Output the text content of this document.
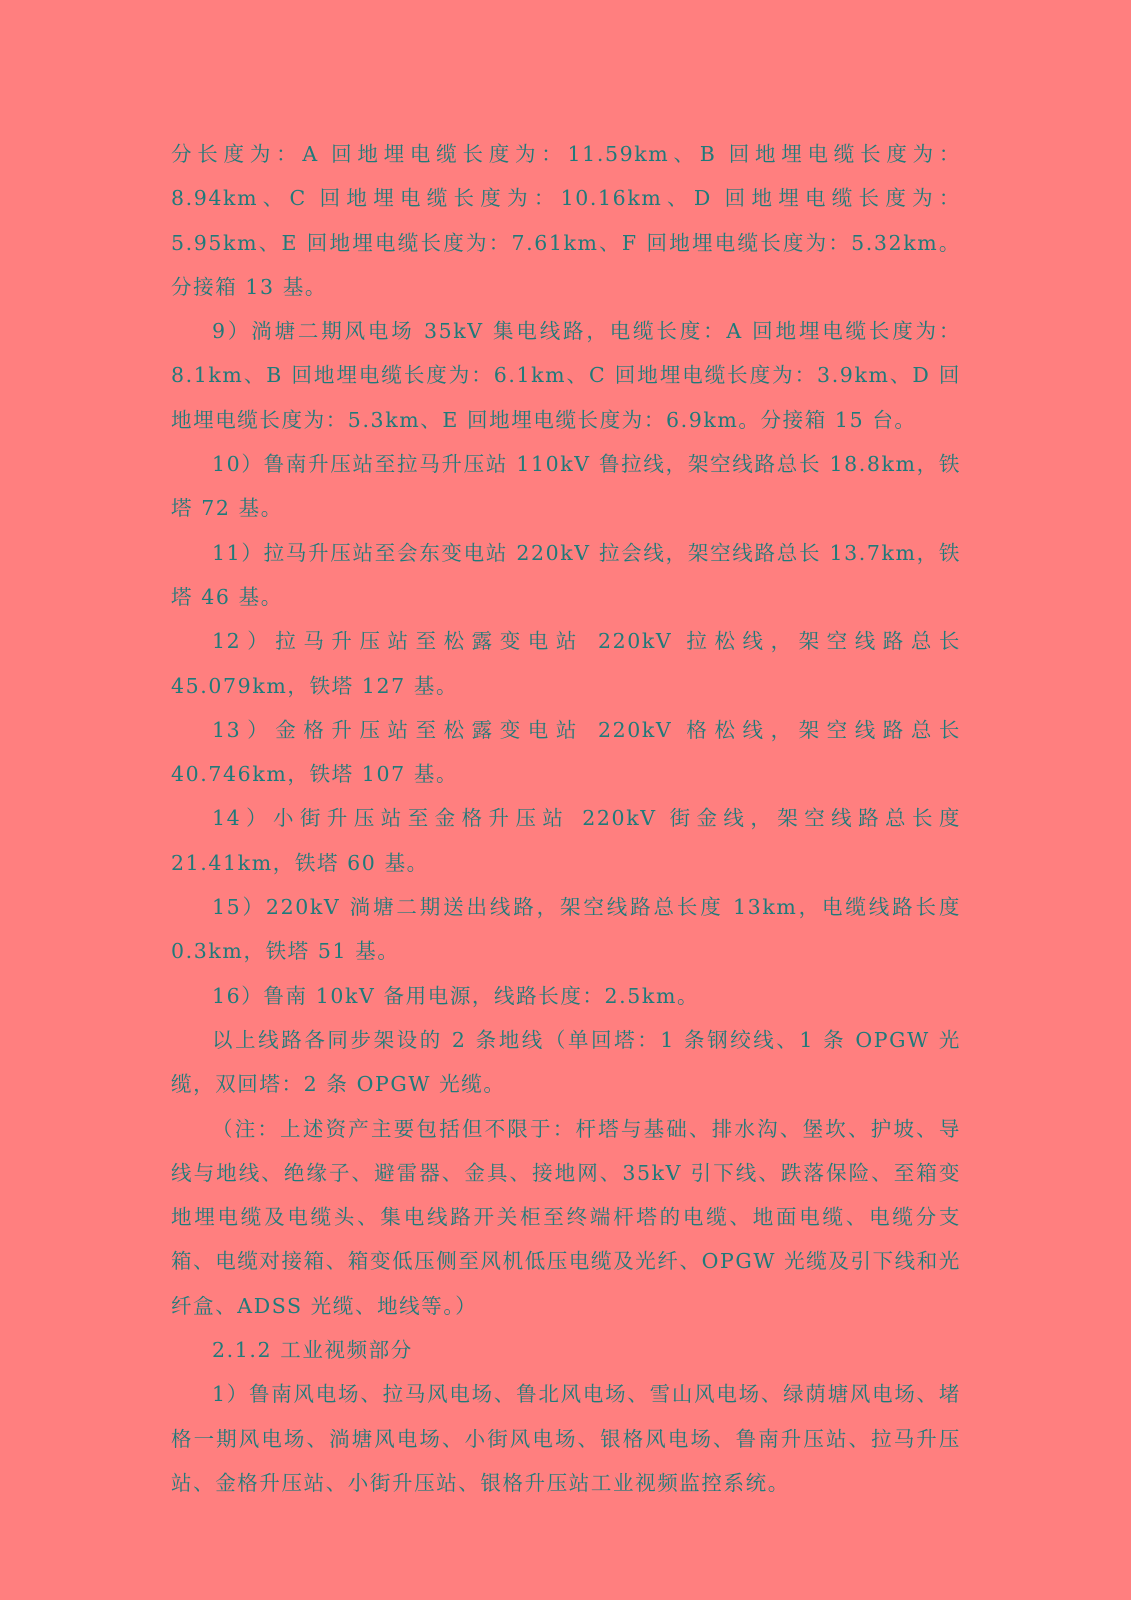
分长度为：A 回地埋电缆长度为：11.59km、B 回地埋电缆长度为：8.94km、C 回地埋电缆长度为：10.16km、D 回地埋电缆长度为：5.95km、E 回地埋电缆长度为：7.61km、F 回地埋电缆长度为：5.32km。分接箱 13 基。

9）淌塘二期风电场 35kV 集电线路，电缆长度：A 回地埋电缆长度为：8.1km、B 回地埋电缆长度为：6.1km、C 回地埋电缆长度为：3.9km、D 回地埋电缆长度为：5.3km、E 回地埋电缆长度为：6.9km。分接箱 15 台。

10）鲁南升压站至拉马升压站 110kV 鲁拉线，架空线路总长 18.8km，铁塔 72 基。

11）拉马升压站至会东变电站 220kV 拉会线，架空线路总长 13.7km，铁塔 46 基。

12）拉马升压站至松露变电站 220kV 拉松线，架空线路总长 45.079km，铁塔 127 基。

13）金格升压站至松露变电站 220kV 格松线，架空线路总长 40.746km，铁塔 107 基。

14）小街升压站至金格升压站 220kV 街金线，架空线路总长度 21.41km，铁塔 60 基。

15）220kV 淌塘二期送出线路，架空线路总长度 13km，电缆线路长度 0.3km，铁塔 51 基。

16）鲁南 10kV 备用电源，线路长度：2.5km。

以上线路各同步架设的 2 条地线（单回塔：1 条钢绞线、1 条 OPGW 光缆，双回塔：2 条 OPGW 光缆。

（注：上述资产主要包括但不限于：杆塔与基础、排水沟、堡坎、护坡、导线与地线、绝缘子、避雷器、金具、接地网、35kV 引下线、跌落保险、至箱变地埋电缆及电缆头、集电线路开关柜至终端杆塔的电缆、地面电缆、电缆分支箱、电缆对接箱、箱变低压侧至风机低压电缆及光纤、OPGW 光缆及引下线和光纤盒、ADSS 光缆、地线等。）

2.1.2 工业视频部分

1）鲁南风电场、拉马风电场、鲁北风电场、雪山风电场、绿荫塘风电场、堵格一期风电场、淌塘风电场、小街风电场、银格风电场、鲁南升压站、拉马升压站、金格升压站、小街升压站、银格升压站工业视频监控系统。
